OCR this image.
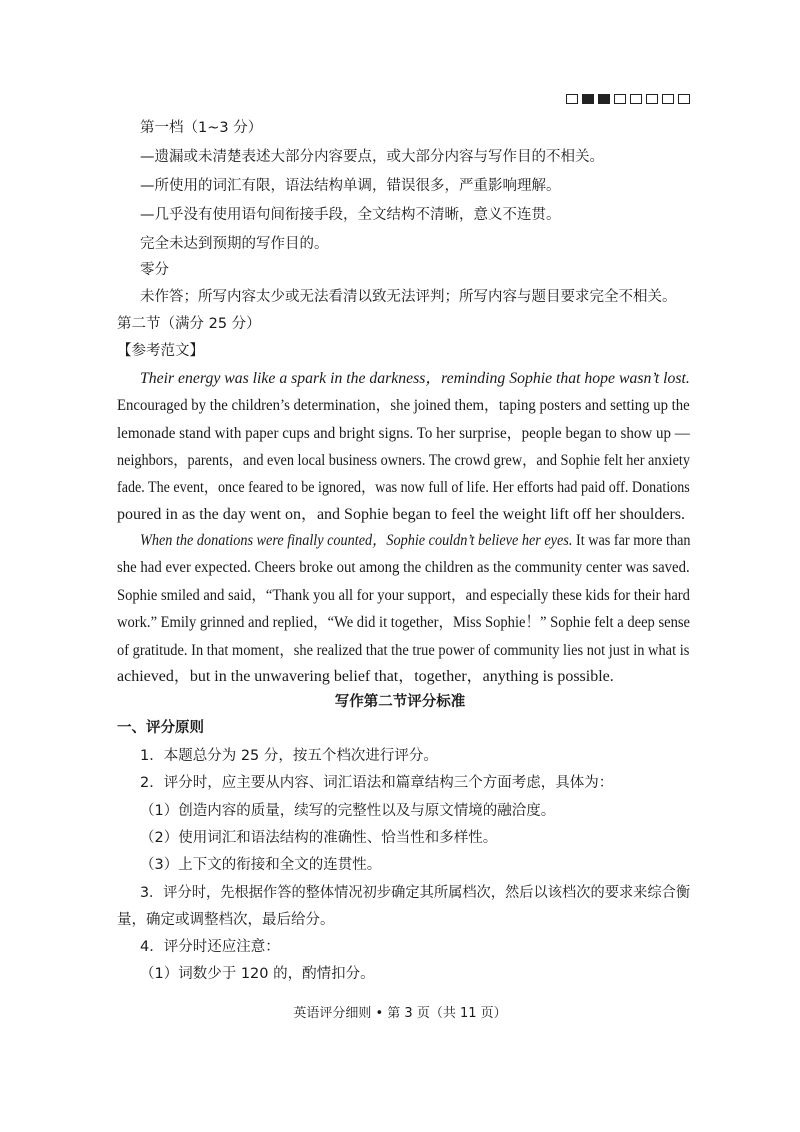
第一档（1~3 分）
—遗漏或未清楚表述大部分内容要点，或大部分内容与写作目的不相关。
—所使用的词汇有限，语法结构单调，错误很多，严重影响理解。
—几乎没有使用语句间衔接手段，全文结构不清晰，意义不连贯。
完全未达到预期的写作目的。
零分
未作答；所写内容太少或无法看清以致无法评判；所写内容与题目要求完全不相关。
第二节（满分 25 分）
【参考范文】
Their energy was like a spark in the darkness，reminding Sophie that hope wasn’t lost.
Encouraged by the children’s determination，she joined them，taping posters and setting up the
lemonade stand with paper cups and bright signs. To her surprise，people began to show up —
neighbors，parents，and even local business owners. The crowd grew，and Sophie felt her anxiety
fade. The event，once feared to be ignored，was now full of life. Her efforts had paid off. Donations
poured in as the day went on，and Sophie began to feel the weight lift off her shoulders.
When the donations were finally counted，Sophie couldn’t believe her eyes. It was far more than
she had ever expected. Cheers broke out among the children as the community center was saved.
Sophie smiled and said，“Thank you all for your support，and especially these kids for their hard
work.” Emily grinned and replied，“We did it together，Miss Sophie！” Sophie felt a deep sense
of gratitude. In that moment，she realized that the true power of community lies not just in what is
achieved，but in the unwavering belief that，together，anything is possible.
写作第二节评分标准
一、评分原则
1．本题总分为 25 分，按五个档次进行评分。
2．评分时，应主要从内容、词汇语法和篇章结构三个方面考虑，具体为：
（1）创造内容的质量，续写的完整性以及与原文情境的融洽度。
（2）使用词汇和语法结构的准确性、恰当性和多样性。
（3）上下文的衔接和全文的连贯性。
3．评分时，先根据作答的整体情况初步确定其所属档次，然后以该档次的要求来综合衡
量，确定或调整档次，最后给分。
4．评分时还应注意：
（1）词数少于 120 的，酌情扣分。
英语评分细则 • 第 3 页（共 11 页）
